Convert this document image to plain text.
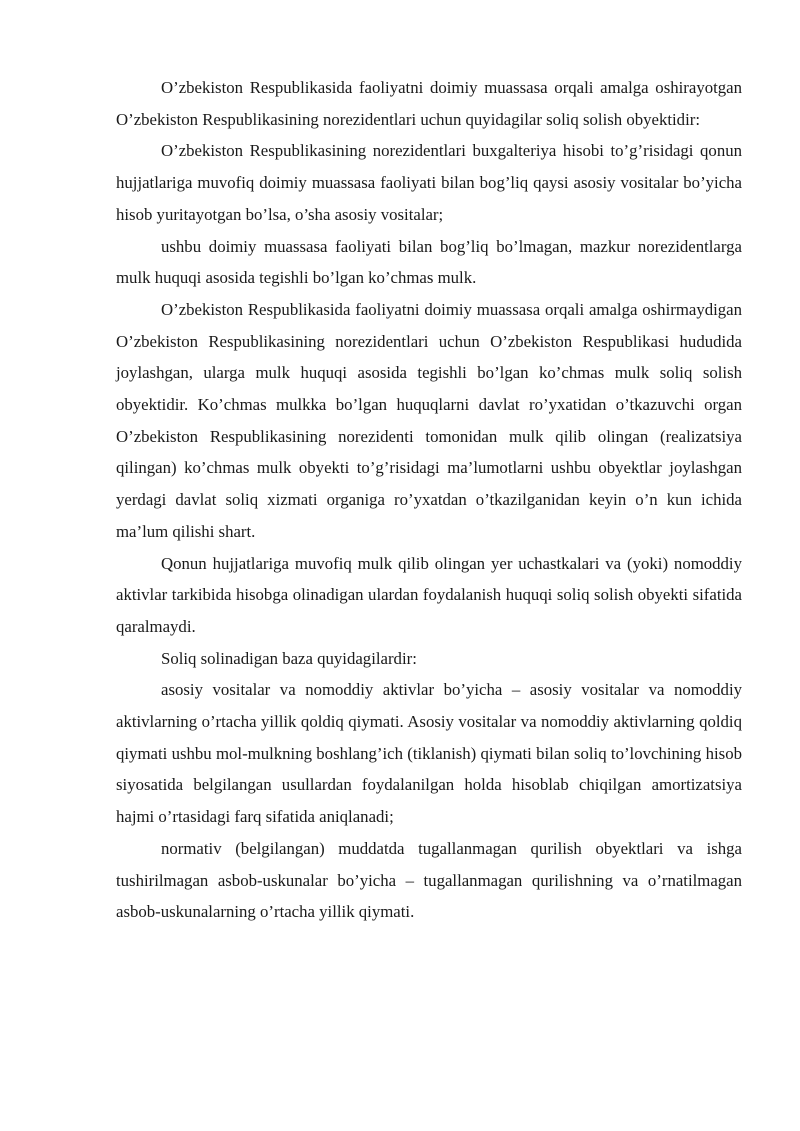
O’zbekiston Respublikasida faoliyatni doimiy muassasa orqali amalga oshirayotgan O’zbekiston Respublikasining norezidentlari uchun quyidagilar soliq solish obyektidir:

O’zbekiston Respublikasining norezidentlari buxgalteriya hisobi to’g’risidagi qonun hujjatlariga muvofiq doimiy muassasa faoliyati bilan bog’liq qaysi asosiy vositalar bo’yicha hisob yuritayotgan bo’lsa, o’sha asosiy vositalar;

ushbu doimiy muassasa faoliyati bilan bog’liq bo’lmagan, mazkur norezidentlarga mulk huquqi asosida tegishli bo’lgan ko’chmas mulk.

O’zbekiston Respublikasida faoliyatni doimiy muassasa orqali amalga oshirmaydigan O’zbekiston Respublikasining norezidentlari uchun O’zbekiston Respublikasi hududida joylashgan, ularga mulk huquqi asosida tegishli bo’lgan ko’chmas mulk soliq solish obyektidir. Ko’chmas mulkka bo’lgan huquqlarni davlat ro’yxatidan o’tkazuvchi organ O’zbekiston Respublikasining norezidenti tomonidan mulk qilib olingan (realizatsiya qilingan) ko’chmas mulk obyekti to’g’risidagi ma’lumotlarni ushbu obyektlar joylashgan yerdagi davlat soliq xizmati organiga ro’yxatdan o’tkazilganidan keyin o’n kun ichida ma’lum qilishi shart.

Qonun hujjatlariga muvofiq mulk qilib olingan yer uchastkalari va (yoki) nomoddiy aktivlar tarkibida hisobga olinadigan ulardan foydalanish huquqi soliq solish obyekti sifatida qaralmaydi.

Soliq solinadigan baza quyidagilardir:

asosiy vositalar va nomoddiy aktivlar bo’yicha – asosiy vositalar va nomoddiy aktivlarning o’rtacha yillik qoldiq qiymati. Asosiy vositalar va nomoddiy aktivlarning qoldiq qiymati ushbu mol-mulkning boshlang’ich (tiklanish) qiymati bilan soliq to’lovchining hisob siyosatida belgilangan usullardan foydalanilgan holda hisoblab chiqilgan amortizatsiya hajmi o’rtasidagi farq sifatida aniqlanadi;

normativ (belgilangan) muddatda tugallanmagan qurilish obyektlari va ishga tushirilmagan asbob-uskunalar bo’yicha – tugallanmagan qurilishning va o’rnatilmagan asbob-uskunalarning o’rtacha yillik qiymati.
